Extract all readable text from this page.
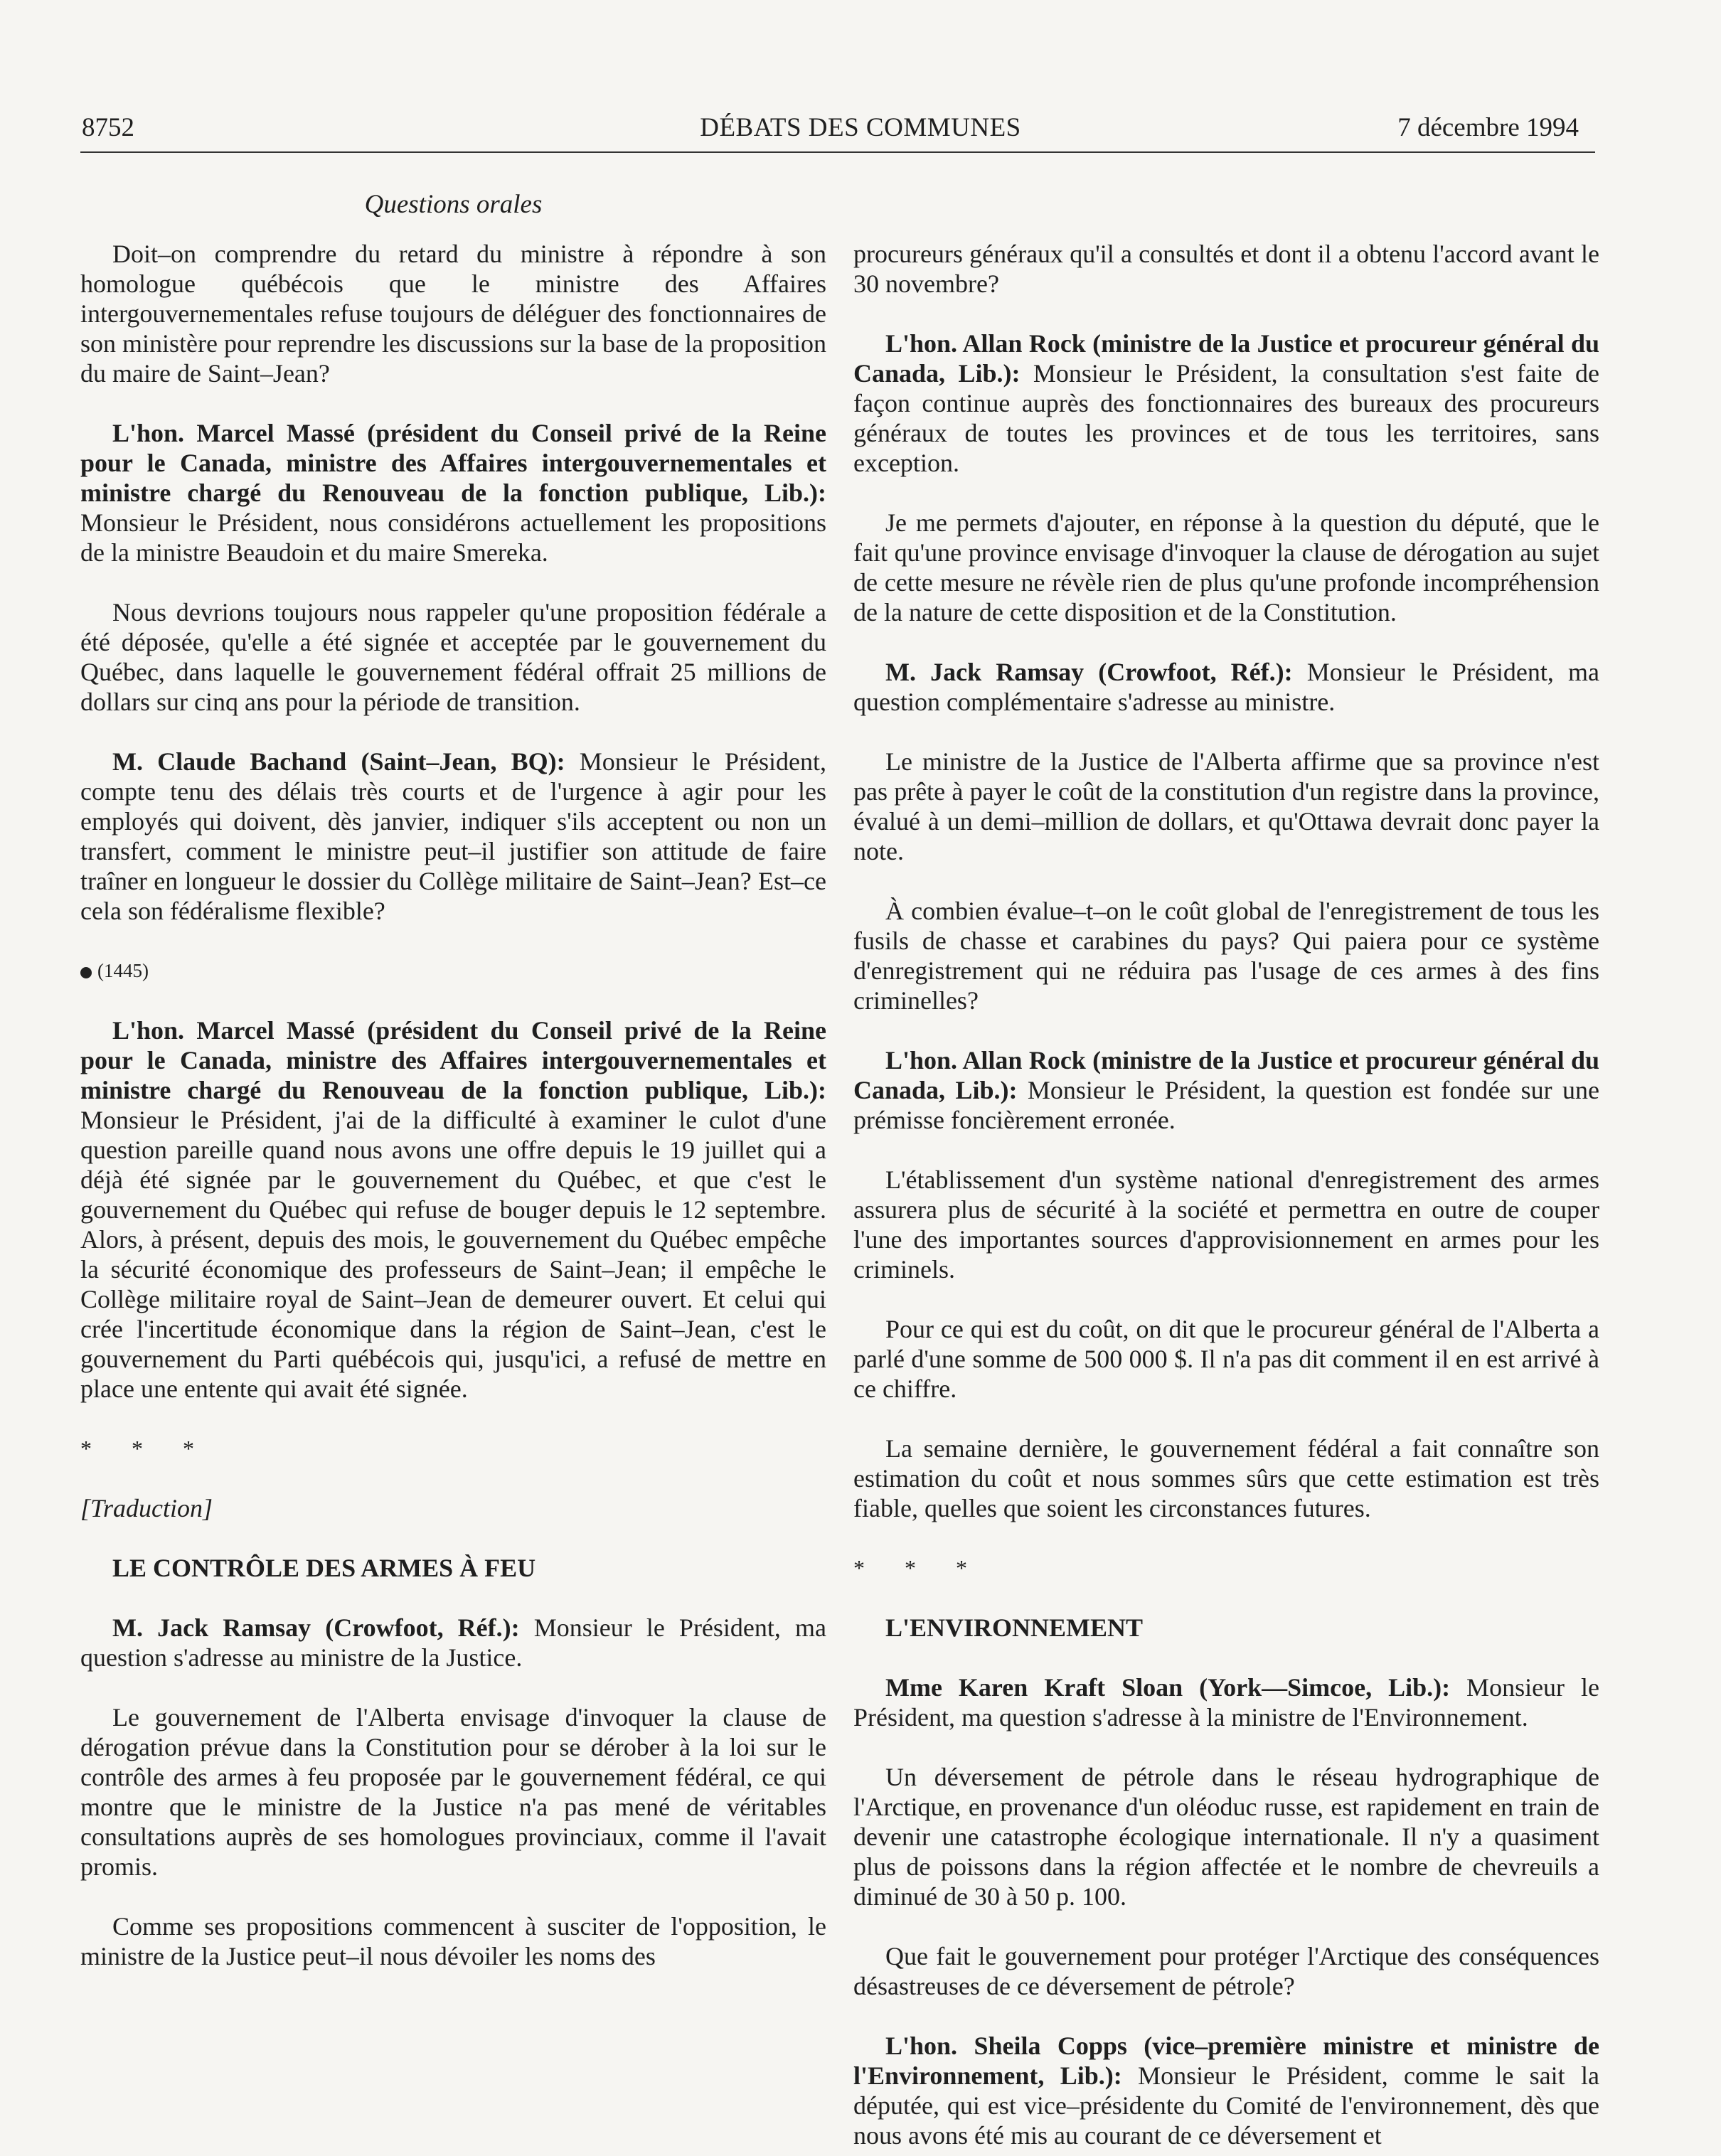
8752	DÉBATS DES COMMUNES	7 décembre 1994
Questions orales

Doit–on comprendre du retard du ministre à répondre à son homologue québécois que le ministre des Affaires intergouvernementales refuse toujours de déléguer des fonctionnaires de son ministère pour reprendre les discussions sur la base de la proposition du maire de Saint–Jean?

L'hon. Marcel Massé (président du Conseil privé de la Reine pour le Canada, ministre des Affaires intergouvernementales et ministre chargé du Renouveau de la fonction publique, Lib.): Monsieur le Président, nous considérons actuellement les propositions de la ministre Beaudoin et du maire Smereka.

Nous devrions toujours nous rappeler qu'une proposition fédérale a été déposée, qu'elle a été signée et acceptée par le gouvernement du Québec, dans laquelle le gouvernement fédéral offrait 25 millions de dollars sur cinq ans pour la période de transition.

M. Claude Bachand (Saint–Jean, BQ): Monsieur le Président, compte tenu des délais très courts et de l'urgence à agir pour les employés qui doivent, dès janvier, indiquer s'ils acceptent ou non un transfert, comment le ministre peut–il justifier son attitude de faire traîner en longueur le dossier du Collège militaire de Saint–Jean? Est–ce cela son fédéralisme flexible?

(1445)

L'hon. Marcel Massé (président du Conseil privé de la Reine pour le Canada, ministre des Affaires intergouvernementales et ministre chargé du Renouveau de la fonction publique, Lib.): Monsieur le Président, j'ai de la difficulté à examiner le culot d'une question pareille quand nous avons une offre depuis le 19 juillet qui a déjà été signée par le gouvernement du Québec, et que c'est le gouvernement du Québec qui refuse de bouger depuis le 12 septembre. Alors, à présent, depuis des mois, le gouvernement du Québec empêche la sécurité économique des professeurs de Saint–Jean; il empêche le Collège militaire royal de Saint–Jean de demeurer ouvert. Et celui qui crée l'incertitude économique dans la région de Saint–Jean, c'est le gouvernement du Parti québécois qui, jusqu'ici, a refusé de mettre en place une entente qui avait été signée.

* * *

[Traduction]

LE CONTRÔLE DES ARMES À FEU

M. Jack Ramsay (Crowfoot, Réf.): Monsieur le Président, ma question s'adresse au ministre de la Justice.

Le gouvernement de l'Alberta envisage d'invoquer la clause de dérogation prévue dans la Constitution pour se dérober à la loi sur le contrôle des armes à feu proposée par le gouvernement fédéral, ce qui montre que le ministre de la Justice n'a pas mené de véritables consultations auprès de ses homologues provinciaux, comme il l'avait promis.

Comme ses propositions commencent à susciter de l'opposition, le ministre de la Justice peut–il nous dévoiler les noms des

procureurs généraux qu'il a consultés et dont il a obtenu l'accord avant le 30 novembre?

L'hon. Allan Rock (ministre de la Justice et procureur général du Canada, Lib.): Monsieur le Président, la consultation s'est faite de façon continue auprès des fonctionnaires des bureaux des procureurs généraux de toutes les provinces et de tous les territoires, sans exception.

Je me permets d'ajouter, en réponse à la question du député, que le fait qu'une province envisage d'invoquer la clause de dérogation au sujet de cette mesure ne révèle rien de plus qu'une profonde incompréhension de la nature de cette disposition et de la Constitution.

M. Jack Ramsay (Crowfoot, Réf.): Monsieur le Président, ma question complémentaire s'adresse au ministre.

Le ministre de la Justice de l'Alberta affirme que sa province n'est pas prête à payer le coût de la constitution d'un registre dans la province, évalué à un demi–million de dollars, et qu'Ottawa devrait donc payer la note.

À combien évalue–t–on le coût global de l'enregistrement de tous les fusils de chasse et carabines du pays? Qui paiera pour ce système d'enregistrement qui ne réduira pas l'usage de ces armes à des fins criminelles?

L'hon. Allan Rock (ministre de la Justice et procureur général du Canada, Lib.): Monsieur le Président, la question est fondée sur une prémisse foncièrement erronée.

L'établissement d'un système national d'enregistrement des armes assurera plus de sécurité à la société et permettra en outre de couper l'une des importantes sources d'approvisionnement en armes pour les criminels.

Pour ce qui est du coût, on dit que le procureur général de l'Alberta a parlé d'une somme de 500 000 $. Il n'a pas dit comment il en est arrivé à ce chiffre.

La semaine dernière, le gouvernement fédéral a fait connaître son estimation du coût et nous sommes sûrs que cette estimation est très fiable, quelles que soient les circonstances futures.

* * *

L'ENVIRONNEMENT

Mme Karen Kraft Sloan (York—Simcoe, Lib.): Monsieur le Président, ma question s'adresse à la ministre de l'Environnement.

Un déversement de pétrole dans le réseau hydrographique de l'Arctique, en provenance d'un oléoduc russe, est rapidement en train de devenir une catastrophe écologique internationale. Il n'y a quasiment plus de poissons dans la région affectée et le nombre de chevreuils a diminué de 30 à 50 p. 100.

Que fait le gouvernement pour protéger l'Arctique des conséquences désastreuses de ce déversement de pétrole?

L'hon. Sheila Copps (vice–première ministre et ministre de l'Environnement, Lib.): Monsieur le Président, comme le sait la députée, qui est vice–présidente du Comité de l'environnement, dès que nous avons été mis au courant de ce déversement et
